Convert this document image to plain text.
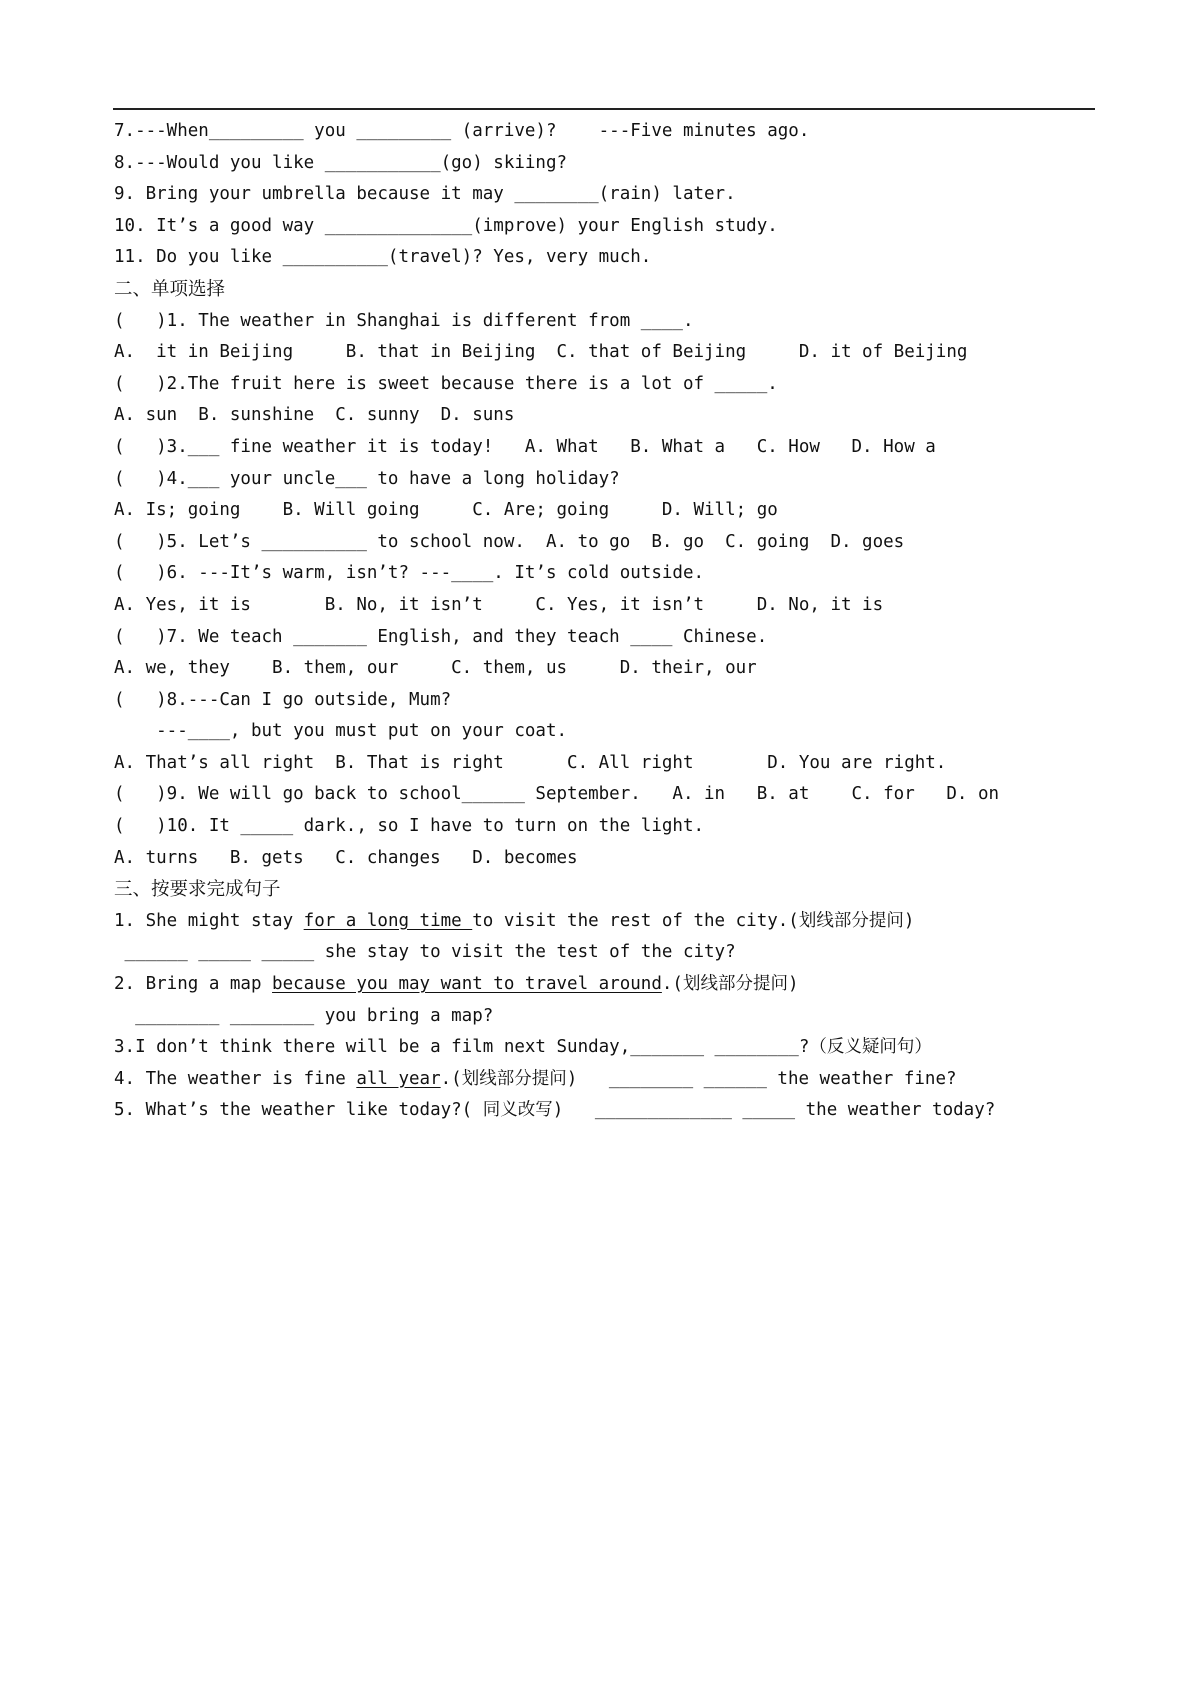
7.---When_________ you _________ (arrive)?    ---Five minutes ago.
8.---Would you like ___________(go) skiing?
9. Bring your umbrella because it may ________(rain) later.
10. It’s a good way ______________(improve) your English study.
11. Do you like __________(travel)? Yes, very much.
二、单项选择
(   )1. The weather in Shanghai is different from ____.
A.  it in Beijing     B. that in Beijing  C. that of Beijing     D. it of Beijing
(   )2.The fruit here is sweet because there is a lot of _____.
A. sun  B. sunshine  C. sunny  D. suns
(   )3.___ fine weather it is today!   A. What   B. What a   C. How   D. How a
(   )4.___ your uncle___ to have a long holiday?
A. Is; going    B. Will going     C. Are; going     D. Will; go
(   )5. Let’s __________ to school now.  A. to go  B. go  C. going  D. goes
(   )6. ---It’s warm, isn’t? ---____. It’s cold outside.
A. Yes, it is       B. No, it isn’t     C. Yes, it isn’t     D. No, it is
(   )7. We teach _______ English, and they teach ____ Chinese.
A. we, they    B. them, our     C. them, us     D. their, our
(   )8.---Can I go outside, Mum?
---____, but you must put on your coat.
A. That’s all right  B. That is right      C. All right       D. You are right.
(   )9. We will go back to school______ September.   A. in   B. at    C. for   D. on
(   )10. It _____ dark., so I have to turn on the light.
A. turns   B. gets   C. changes   D. becomes
三、按要求完成句子
1. She might stay for a long time to visit the rest of the city.(划线部分提问)
______ _____ _____ she stay to visit the test of the city?
2. Bring a map because you may want to travel around.(划线部分提问)
________ ________ you bring a map?
3.I don’t think there will be a film next Sunday,_______ ________?（反义疑问句）
4. The weather is fine all year.(划线部分提问)   ________ ______ the weather fine?
5. What’s the weather like today?( 同义改写)   _____________ _____ the weather today?
